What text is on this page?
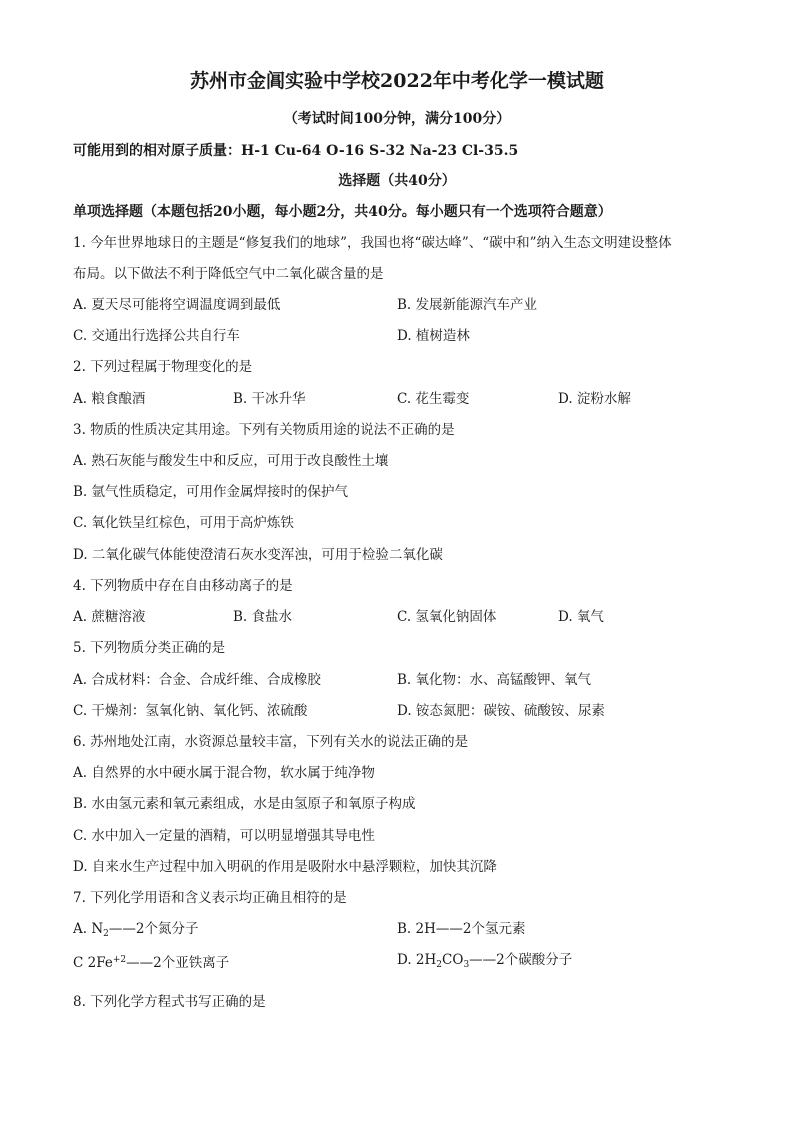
苏州市金阊实验中学校2022年中考化学一模试题
（考试时间100分钟，满分100分）
可能用到的相对原子质量：H-1 Cu-64 O-16 S-32 Na-23 Cl-35.5
选择题（共40分）
单项选择题（本题包括20小题，每小题2分，共40分。每小题只有一个选项符合题意）
1. 今年世界地球日的主题是“修复我们的地球”，我国也将“碳达峰”、“碳中和”纳入生态文明建设整体
布局。以下做法不利于降低空气中二氧化碳含量的是
A. 夏天尽可能将空调温度调到最低	B. 发展新能源汽车产业
C. 交通出行选择公共自行车	D. 植树造林
2. 下列过程属于物理变化的是
A. 粮食酿酒	B. 干冰升华	C. 花生霉变	D. 淀粉水解
3. 物质的性质决定其用途。下列有关物质用途的说法不正确的是
A. 熟石灰能与酸发生中和反应，可用于改良酸性土壤
B. 氩气性质稳定，可用作金属焊接时的保护气
C. 氧化铁呈红棕色，可用于高炉炼铁
D. 二氧化碳气体能使澄清石灰水变浑浊，可用于检验二氧化碳
4. 下列物质中存在自由移动离子的是
A. 蔗糖溶液	B. 食盐水	C. 氢氧化钠固体	D. 氧气
5. 下列物质分类正确的是
A. 合成材料：合金、合成纤维、合成橡胶	B. 氧化物：水、高锰酸钾、氧气
C. 干燥剂：氢氧化钠、氧化钙、浓硫酸	D. 铵态氮肥：碳铵、硫酸铵、尿素
6. 苏州地处江南，水资源总量较丰富，下列有关水的说法正确的是
A. 自然界的水中硬水属于混合物，软水属于纯净物
B. 水由氢元素和氧元素组成，水是由氢原子和氧原子构成
C. 水中加入一定量的酒精，可以明显增强其导电性
D. 自来水生产过程中加入明矾的作用是吸附水中悬浮颗粒，加快其沉降
7. 下列化学用语和含义表示均正确且相符的是
A. $N_2——2$个氮分子	B. 2H——2个氢元素
C $2Fe^{+2}——2$个亚铁离子	D. $2H_2CO_3——2$个碳酸分子
8. 下列化学方程式书写正确的是
